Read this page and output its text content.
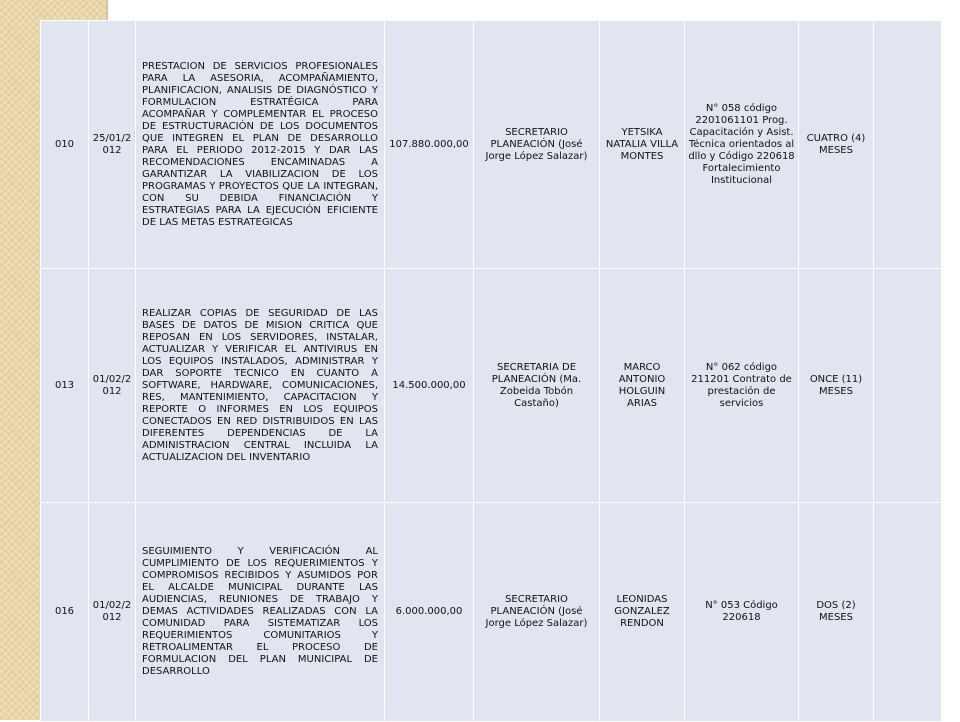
010	25/01/2012	PRESTACION DE SERVICIOS PROFESIONALES PARA LA ASESORIA, ACOMPAÑAMIENTO, PLANIFICACION, ANALISIS DE DIAGNÓSTICO Y FORMULACION ESTRATÉGICA PARA ACOMPAÑAR Y COMPLEMENTAR EL PROCESO DE ESTRUCTURACIÓN DE LOS DOCUMENTOS QUE INTEGREN EL PLAN DE DESARROLLO PARA EL PERIODO 2012-2015 Y DAR LAS RECOMENDACIONES ENCAMINADAS A GARANTIZAR LA VIABILIZACION DE LOS PROGRAMAS Y PROYECTOS QUE LA INTEGRAN, CON SU DEBIDA FINANCIACIÓN Y ESTRATEGIAS PARA LA EJECUCIÓN EFICIENTE DE LAS METAS ESTRATEGICAS	107.880.000,00	SECRETARIO PLANEACIÓN (José Jorge López Salazar)	YETSIKA NATALIA VILLA MONTES	N° 058 código 2201061101 Prog. Capacitación y Asist. Técnica orientados al dllo y Código 220618 Fortalecimiento Institucional	CUATRO (4) MESES	
013	01/02/2012	REALIZAR COPIAS DE SEGURIDAD DE LAS BASES DE DATOS DE MISION CRITICA QUE REPOSAN EN LOS SERVIDORES, INSTALAR, ACTUALIZAR Y VERIFICAR EL ANTIVIRUS EN LOS EQUIPOS INSTALADOS, ADMINISTRAR Y DAR SOPORTE TECNICO EN CUANTO A SOFTWARE, HARDWARE, COMUNICACIONES, RES, MANTENIMIENTO, CAPACITACION Y REPORTE O INFORMES EN LOS EQUIPOS CONECTADOS EN RED DISTRIBUIDOS EN LAS DIFERENTES DEPENDENCIAS DE LA ADMINISTRACION CENTRAL INCLUIDA LA ACTUALIZACION DEL INVENTARIO	14.500.000,00	SECRETARIA DE PLANEACIÓN (Ma. Zobeida Tobón Castaño)	MARCO ANTONIO HOLGUIN ARIAS	N° 062 código 211201 Contrato de prestación de servicios	ONCE (11) MESES	
016	01/02/2012	SEGUIMIENTO Y VERIFICACIÓN AL CUMPLIMIENTO DE LOS REQUERIMIENTOS Y COMPROMISOS RECIBIDOS Y ASUMIDOS POR EL ALCALDE MUNICIPAL DURANTE LAS AUDIENCIAS, REUNIONES DE TRABAJO Y DEMAS ACTIVIDADES REALIZADAS CON LA COMUNIDAD PARA SISTEMATIZAR LOS REQUERIMIENTOS COMUNITARIOS Y RETROALIMENTAR EL PROCESO DE FORMULACION DEL PLAN MUNICIPAL DE DESARROLLO	6.000.000,00	SECRETARIO PLANEACIÓN (José Jorge López Salazar)	LEONIDAS GONZALEZ RENDON	N° 053 Código 220618	DOS (2) MESES	
